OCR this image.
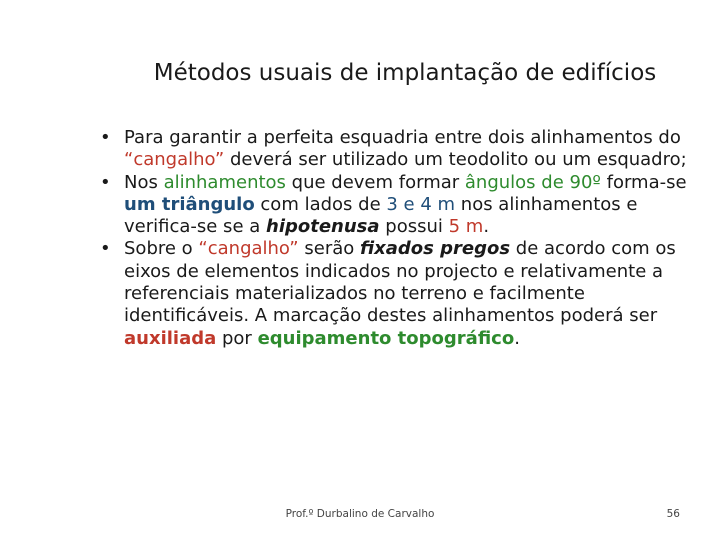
Métodos usuais de implantação de edifícios
• Para garantir a perfeita esquadria entre dois alinhamentos do “cangalho” deverá ser utilizado um teodolito ou um esquadro;
• Nos alinhamentos que devem formar ângulos de 90º forma-se um triângulo com lados de 3 e 4 m nos alinhamentos e verifica-se se a hipotenusa possui 5 m.
• Sobre o “cangalho” serão fixados pregos de acordo com os eixos de elementos indicados no projecto e relativamente a referenciais materializados no terreno e facilmente identificáveis. A marcação destes alinhamentos poderá ser auxiliada por equipamento topográfico.
Prof.º Durbalino de Carvalho	56
